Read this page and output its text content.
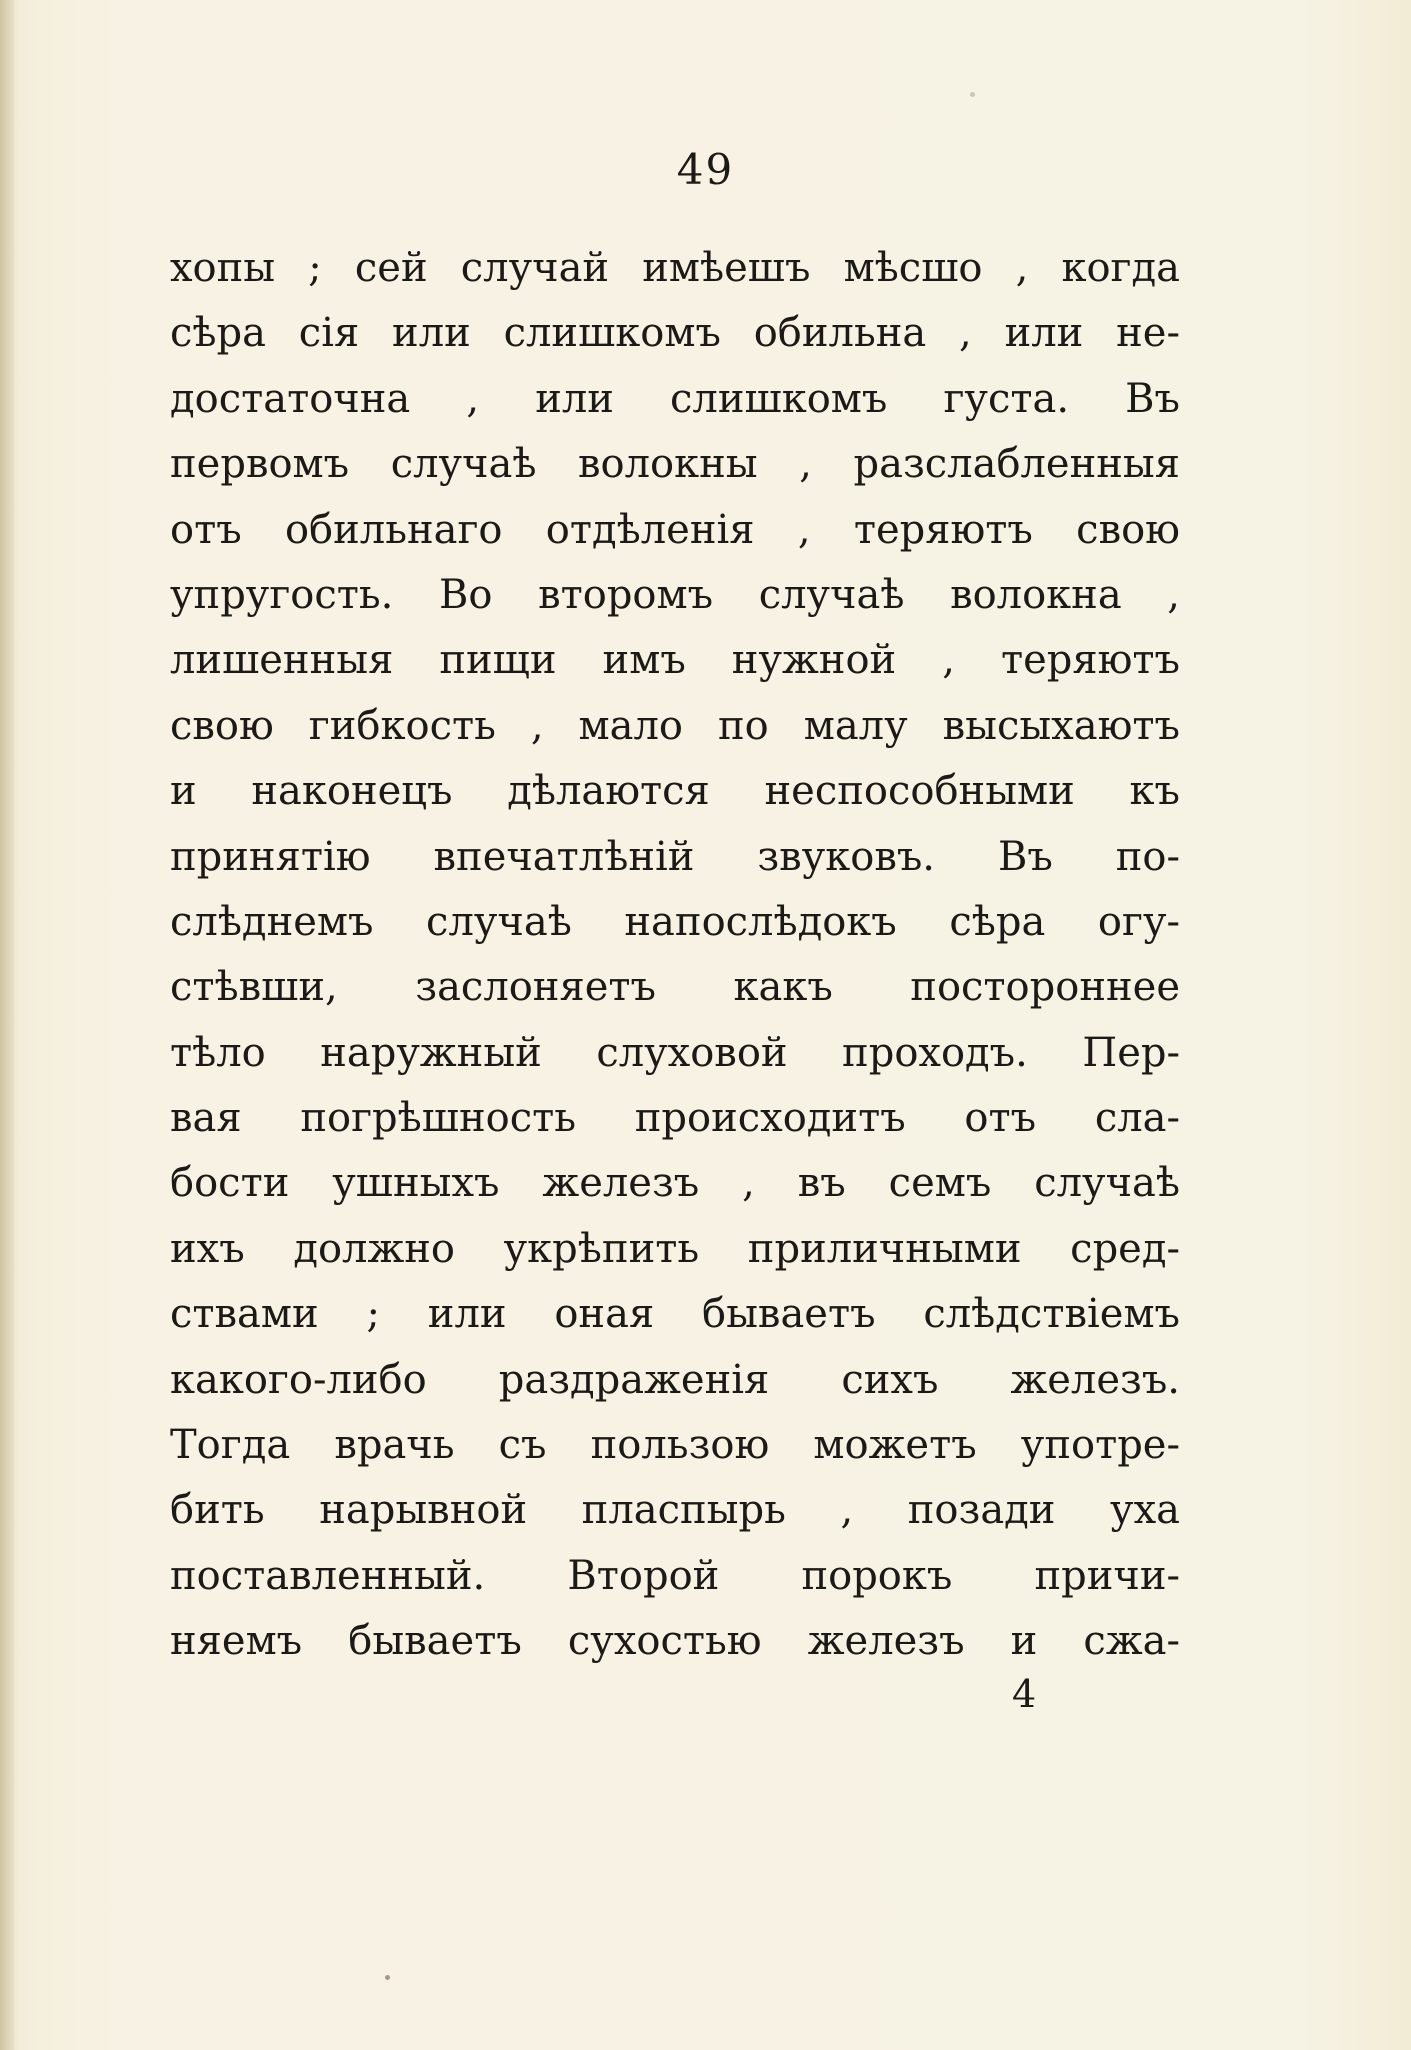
49
хопы ; сей случай имѣешъ мѣсшо , когда
сѣра сія или слишкомъ обильна , или не-
достаточна , или слишкомъ густа. Въ
первомъ случаѣ волокны , разслабленныя
отъ обильнаго отдѣленія , теряютъ свою
упругость. Во второмъ случаѣ волокна ,
лишенныя пищи имъ нужной , теряютъ
свою гибкость , мало по малу высыхаютъ
и наконецъ дѣлаются неспособными къ
принятію впечатлѣній звуковъ. Въ по-
слѣднемъ случаѣ напослѣдокъ сѣра огу-
стѣвши, заслоняетъ какъ постороннее
тѣло наружный слуховой проходъ. Пер-
вая погрѣшность происходитъ отъ сла-
бости ушныхъ железъ , въ семъ случаѣ
ихъ должно укрѣпить приличными сред-
ствами ; или оная бываетъ слѣдствіемъ
какого-либо раздраженія сихъ железъ.
Тогда врачь съ пользою можетъ употре-
бить нарывной пласпырь , позади уха
поставленный. Второй порокъ причи-
няемъ бываетъ сухостью железъ и сжа-
4
